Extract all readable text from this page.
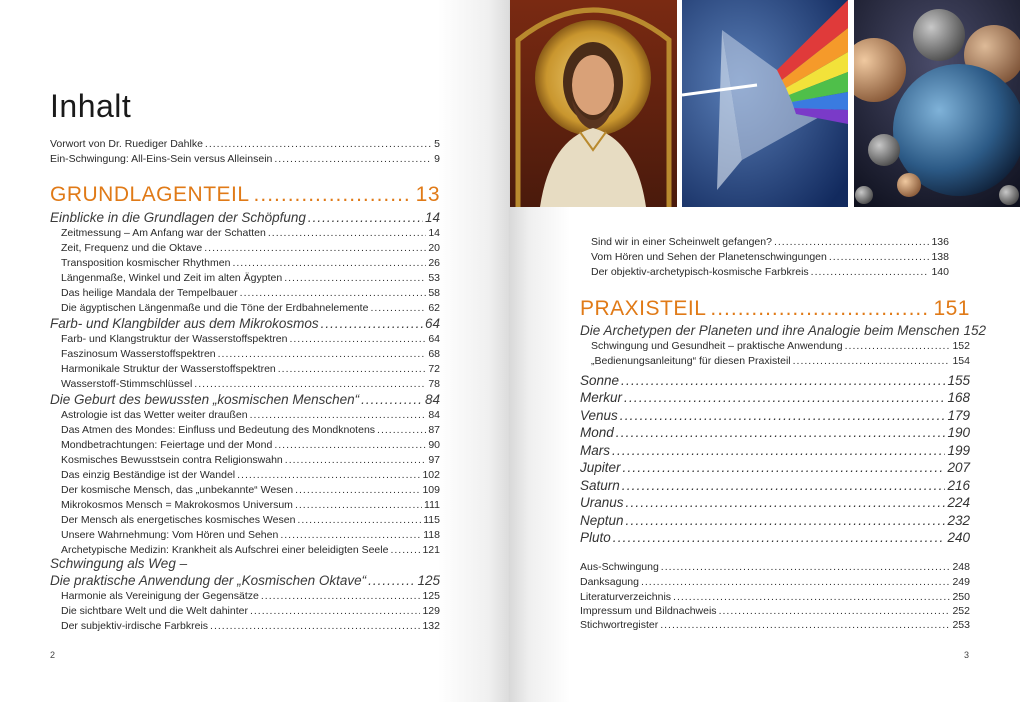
Inhalt
Vorwort von Dr. Ruediger Dahlke .....	5
Ein-Schwingung: All-Eins-Sein versus Alleinsein .....	9
GRUNDLAGENTEIL .....	13
Einblicke in die Grundlagen der Schöpfung .....	14
Zeitmessung – Am Anfang war der Schatten .....	14
Zeit, Frequenz und die Oktave .....	20
Transposition kosmischer Rhythmen .....	26
Längenmaße, Winkel und Zeit im alten Ägypten .....	53
Das heilige Mandala der Tempelbauer .....	58
Die ägyptischen Längenmaße und die Töne der Erdbahnelemente .....	62
Farb- und Klangbilder aus dem Mikrokosmos .....	64
Farb- und Klangstruktur der Wasserstoffspektren .....	64
Faszinosum Wasserstoffspektren .....	68
Harmonikale Struktur der Wasserstoffspektren .....	72
Wasserstoff-Stimmschlüssel .....	78
Die Geburt des bewussten „kosmischen Menschen“ .....	84
Astrologie ist das Wetter weiter draußen .....	84
Das Atmen des Mondes: Einfluss und Bedeutung des Mondknotens .....	87
Mondbetrachtungen: Feiertage und der Mond .....	90
Kosmisches Bewusstsein contra Religionswahn .....	97
Das einzig Beständige ist der Wandel .....	102
Der kosmische Mensch, das „unbekannte“ Wesen .....	109
Mikrokosmos Mensch = Makrokosmos Universum .....	111
Der Mensch als energetisches kosmisches Wesen .....	115
Unsere Wahrnehmung: Vom Hören und Sehen .....	118
Archetypische Medizin: Krankheit als Aufschrei einer beleidigten Seele .....	121
Schwingung als Weg –
Die praktische Anwendung der „Kosmischen Oktave“ .....	125
Harmonie als Vereinigung der Gegensätze .....	125
Die sichtbare Welt und die Welt dahinter .....	129
Der subjektiv-irdische Farbkreis .....	132
2
Sind wir in einer Scheinwelt gefangen? .....	136
Vom Hören und Sehen der Planetenschwingungen .....	138
Der objektiv-archetypisch-kosmische Farbkreis .....	140
PRAXISTEIL .....	151
Die Archetypen der Planeten und ihre Analogie beim Menschen 152
Schwingung und Gesundheit – praktische Anwendung .....	152
„Bedienungsanleitung“ für diesen Praxisteil .....	154
Sonne .....	155
Merkur .....	168
Venus .....	179
Mond .....	190
Mars .....	199
Jupiter .....	207
Saturn .....	216
Uranus .....	224
Neptun .....	232
Pluto .....	240
Aus-Schwingung .....	248
Danksagung .....	249
Literaturverzeichnis .....	250
Impressum und Bildnachweis .....	252
Stichwortregister .....	253
3
